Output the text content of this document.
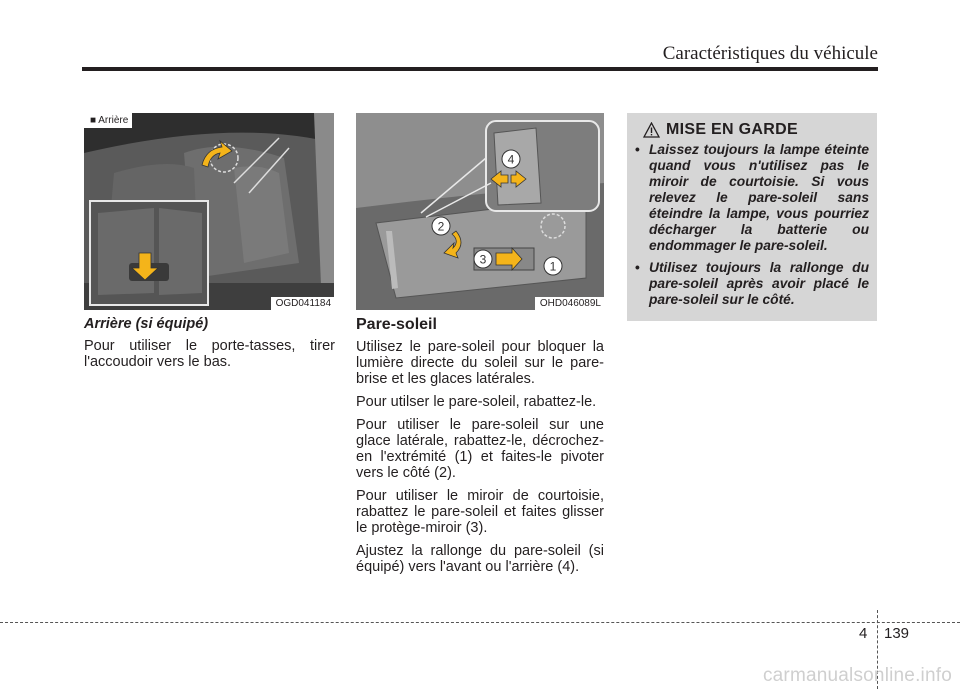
Caractéristiques du véhicule
■ Arrière
OGD041184
4
2
3	1
OHD046089L
Arrière (si équipé)

Pour utiliser le porte-tasses, tirer l'accoudoir vers le bas.

Pare-soleil

Utilisez le pare-soleil pour bloquer la lumière directe du soleil sur le pare-brise et les glaces latérales.

Pour utilser le pare-soleil, rabattez-le.

Pour utiliser le pare-soleil sur une glace latérale, rabattez-le, décrochez-en l'extrémité (1) et faites-le pivoter vers le côté (2).

Pour utiliser le miroir de courtoisie, rabattez le pare-soleil et faites glisser le protège-miroir (3).

Ajustez la rallonge du pare-soleil (si équipé) vers l'avant ou l'arrière (4).

MISE EN GARDE
• Laissez toujours la lampe éteinte quand vous n'utilisez pas le miroir de courtoisie. Si vous relevez le pare-soleil sans éteindre la lampe, vous pourriez décharger la batterie ou endommager le pare-soleil.
• Utilisez toujours la rallonge du pare-soleil après avoir placé le pare-soleil sur le côté.
4 139
carmanualsonline.info
